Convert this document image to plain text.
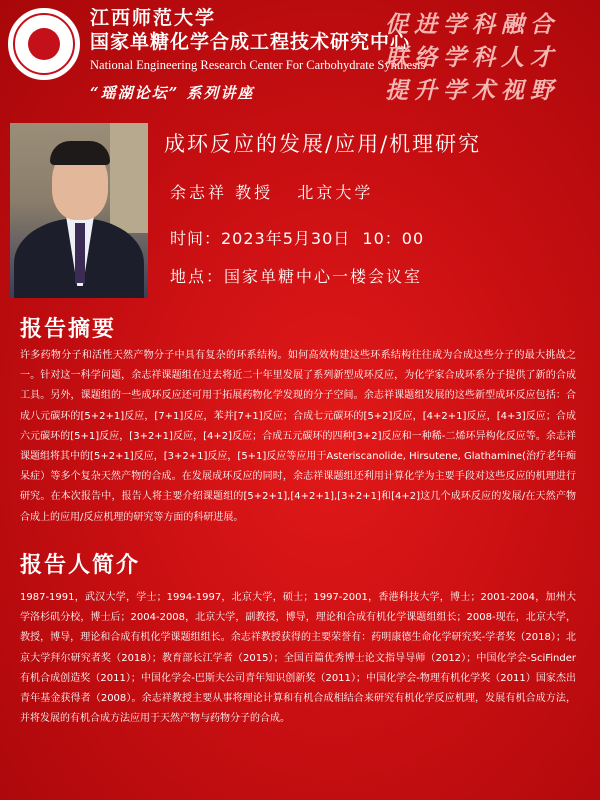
江西师范大学
国家单糖化学合成工程技术研究中心
National Engineering Research Center For Carbohydrate Synthesis
“瑶湖论坛” 系列讲座
促进学科融合 联络学科人才 提升学术视野
成环反应的发展/应用/机理研究
余志祥 教授   北京大学
时间：2023年5月30日  10：00
地点：国家单糖中心一楼会议室
报告摘要
许多药物分子和活性天然产物分子中具有复杂的环系结构。如何高效构建这些环系结构往往成为合成这些分子的最大挑战之一。针对这一科学问题，余志祥课题组在过去将近二十年里发展了系列新型成环反应，为化学家合成环系分子提供了新的合成工具。另外，课题组的一些成环反应还可用于拓展药物化学发现的分子空间。余志祥课题组发展的这些新型成环反应包括：合成八元碳环的[5+2+1]反应，[7+1]反应，苯并[7+1]反应；合成七元碳环的[5+2]反应，[4+2+1]反应，[4+3]反应；合成六元碳环的[5+1]反应，[3+2+1]反应，[4+2]反应；合成五元碳环的四种[3+2]反应和一种稀-二烯环异构化反应等。余志祥课题组将其中的[5+2+1]反应，[3+2+1]反应，[5+1]反应等应用于Asteriscanolide, Hirsutene, Glathamine(治疗老年痴呆症）等多个复杂天然产物的合成。在发展成环反应的同时，余志祥课题组还利用计算化学为主要手段对这些反应的机理进行研究。在本次报告中，报告人将主要介绍课题组的[5+2+1],[4+2+1],[3+2+1]和[4+2]这几个成环反应的发展/在天然产物合成上的应用/反应机理的研究等方面的科研进展。
报告人简介
1987-1991，武汉大学，学士；1994-1997，北京大学，硕士；1997-2001，香港科技大学，博士；2001-2004，加州大学洛杉矶分校，博士后；2004-2008，北京大学，副教授，博导，理论和合成有机化学课题组组长；2008-现在，北京大学，教授，博导，理论和合成有机化学课题组组长。余志祥教授获得的主要荣誉有：药明康德生命化学研究奖-学者奖（2018）；北京大学拜尔研究者奖（2018）；教育部长江学者（2015）；全国百篇优秀博士论文指导导师（2012）；中国化学会-SciFinder有机合成创造奖（2011）；中国化学会-巴斯夫公司青年知识创新奖（2011）；中国化学会-物理有机化学奖（2011）国家杰出青年基金获得者（2008）。余志祥教授主要从事将理论计算和有机合成相结合来研究有机化学反应机理，发展有机合成方法，并将发展的有机合成方法应用于天然产物与药物分子的合成。
